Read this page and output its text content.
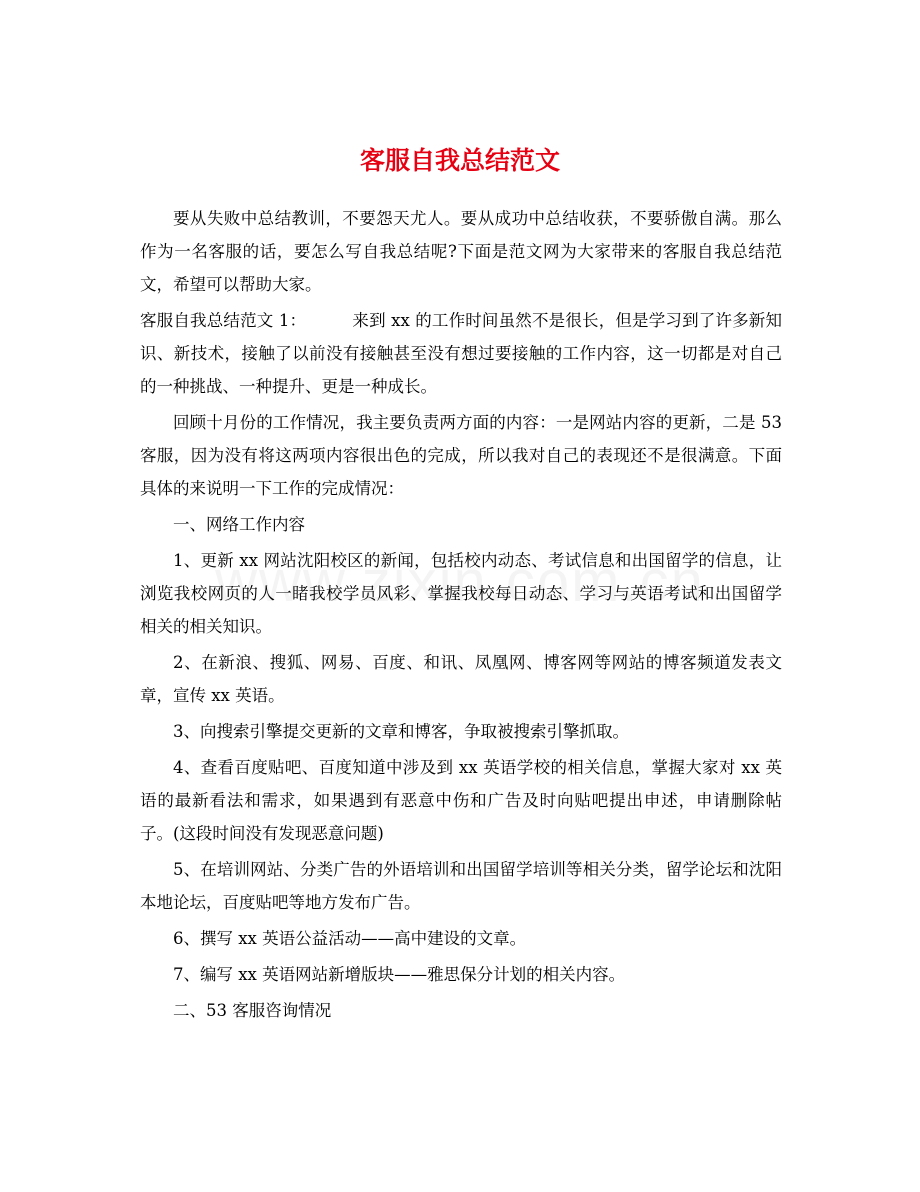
客服自我总结范文

要从失败中总结教训，不要怨天尤人。要从成功中总结收获，不要骄傲自满。那么作为一名客服的话，要怎么写自我总结呢?下面是范文网为大家带来的客服自我总结范文，希望可以帮助大家。

客服自我总结范文 1：	来到 xx 的工作时间虽然不是很长，但是学习到了许多新知识、新技术，接触了以前没有接触甚至没有想过要接触的工作内容，这一切都是对自己的一种挑战、一种提升、更是一种成长。

回顾十月份的工作情况，我主要负责两方面的内容：一是网站内容的更新，二是 53 客服，因为没有将这两项内容很出色的完成，所以我对自己的表现还不是很满意。下面具体的来说明一下工作的完成情况：

一、网络工作内容

1、更新 xx 网站沈阳校区的新闻，包括校内动态、考试信息和出国留学的信息，让浏览我校网页的人一睹我校学员风彩、掌握我校每日动态、学习与英语考试和出国留学相关的相关知识。

2、在新浪、搜狐、网易、百度、和讯、凤凰网、博客网等网站的博客频道发表文章，宣传 xx 英语。

3、向搜索引擎提交更新的文章和博客，争取被搜索引擎抓取。

4、查看百度贴吧、百度知道中涉及到 xx 英语学校的相关信息，掌握大家对 xx 英语的最新看法和需求，如果遇到有恶意中伤和广告及时向贴吧提出申述，申请删除帖子。(这段时间没有发现恶意问题)

5、在培训网站、分类广告的外语培训和出国留学培训等相关分类，留学论坛和沈阳本地论坛，百度贴吧等地方发布广告。

6、撰写 xx 英语公益活动——高中建设的文章。

7、编写 xx 英语网站新增版块——雅思保分计划的相关内容。

二、53 客服咨询情况
